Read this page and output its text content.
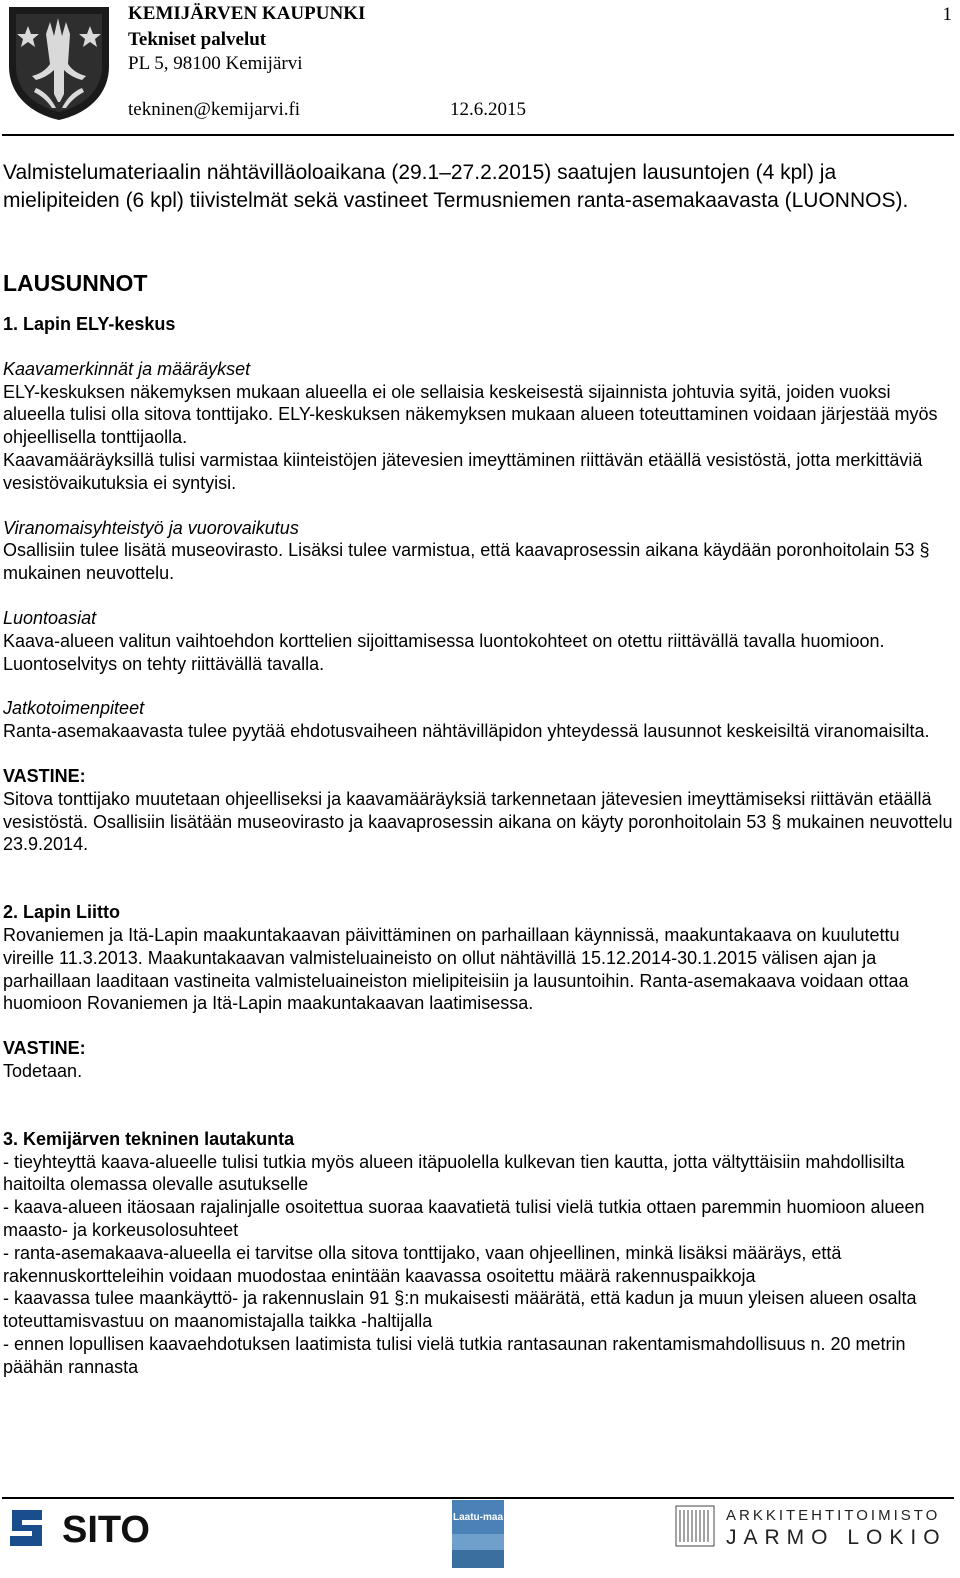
KEMIJÄRVEN KAUPUNKI
Tekniset palvelut
PL 5, 98100 Kemijärvi
tekninen@kemijarvi.fi	12.6.2015
1

Valmistelumateriaalin nähtävilläoloaikana (29.1–27.2.2015) saatujen lausuntojen (4 kpl) ja mielipiteiden (6 kpl) tiivistelmät sekä vastineet Termusniemen ranta-asemakaavasta (LUONNOS).

LAUSUNNOT

1. Lapin ELY-keskus

Kaavamerkinnät ja määräykset

ELY-keskuksen näkemyksen mukaan alueella ei ole sellaisia keskeisestä sijainnista johtuvia syitä, joiden vuoksi alueella tulisi olla sitova tonttijako. ELY-keskuksen näkemyksen mukaan alueen toteuttaminen voidaan järjestää myös ohjeellisella tonttijaolla.

Kaavamääräyksillä tulisi varmistaa kiinteistöjen jätevesien imeyttäminen riittävän etäällä vesistöstä, jotta merkittäviä vesistövaikutuksia ei syntyisi.

Viranomaisyhteistyö ja vuorovaikutus

Osallisiin tulee lisätä museovirasto. Lisäksi tulee varmistua, että kaavaprosessin aikana käydään poronhoitolain 53 § mukainen neuvottelu.

Luontoasiat

Kaava-alueen valitun vaihtoehdon korttelien sijoittamisessa luontokohteet on otettu riittävällä tavalla huomioon. Luontoselvitys on tehty riittävällä tavalla.

Jatkotoimenpiteet

Ranta-asemakaavasta tulee pyytää ehdotusvaiheen nähtävilläpidon yhteydessä lausunnot keskeisiltä viranomaisilta.

VASTINE:

Sitova tonttijako muutetaan ohjeelliseksi ja kaavamääräyksiä tarkennetaan jätevesien imeyttämiseksi riittävän etäällä vesistöstä. Osallisiin lisätään museovirasto ja kaavaprosessin aikana on käyty poronhoitolain 53 § mukainen neuvottelu 23.9.2014.

2. Lapin Liitto

Rovaniemen ja Itä-Lapin maakuntakaavan päivittäminen on parhaillaan käynnissä, maakuntakaava on kuulutettu vireille 11.3.2013. Maakuntakaavan valmisteluaineisto on ollut nähtävillä 15.12.2014-30.1.2015 välisen ajan ja parhaillaan laaditaan vastineita valmisteluaineiston mielipiteisiin ja lausuntoihin. Ranta-asemakaava voidaan ottaa huomioon Rovaniemen ja Itä-Lapin maakuntakaavan laatimisessa.

VASTINE:

Todetaan.

3. Kemijärven tekninen lautakunta

- tieyhteyttä kaava-alueelle tulisi tutkia myös alueen itäpuolella kulkevan tien kautta, jotta vältyttäisiin mahdollisilta haitoilta olemassa olevalle asutukselle

- kaava-alueen itäosaan rajalinjalle osoitettua suoraa kaavatietä tulisi vielä tutkia ottaen paremmin huomioon alueen maasto- ja korkeusolosuhteet

- ranta-asemakaava-alueella ei tarvitse olla sitova tonttijako, vaan ohjeellinen, minkä lisäksi määräys, että rakennuskortteleihin voidaan muodostaa enintään kaavassa osoitettu määrä rakennuspaikkoja

- kaavassa tulee maankäyttö- ja rakennuslain 91 §:n mukaisesti määrätä, että kadun ja muun yleisen alueen osalta toteuttamisvastuu on maanomistajalla taikka -haltijalla

- ennen lopullisen kaavaehdotuksen laatimista tulisi vielä tutkia rantasaunan rakentamismahdollisuus n. 20 metrin päähän rannasta

SITO	Laatu-maa	ARKKITEHTITOIMISTO
JARMO LOKIO
